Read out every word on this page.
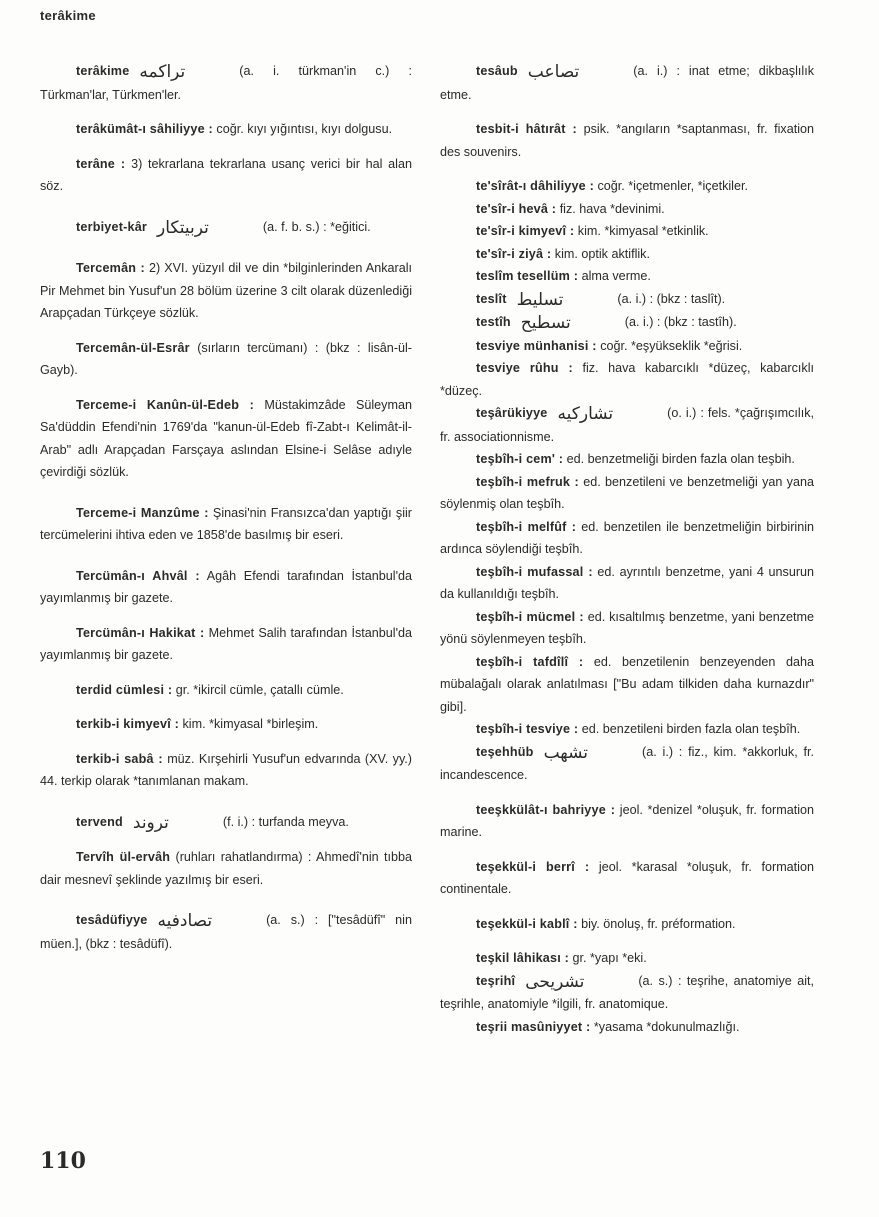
terâkime

terâkime تراكمه	(a. i. türkman'in c.) : Türkman'lar, Türkmen'ler.

terâkümât-ı sâhiliyye : coğr. kıyı yığıntısı, kıyı dolgusu.

terâne : 3) tekrarlana tekrarlana usanç verici bir hal alan söz.

terbiyet-kâr تربیتکار	(a. f. b. s.) : *eğitici.

Tercemân : 2) XVI. yüzyıl dil ve din *bilginlerinden Ankaralı Pir Mehmet bin Yusuf'un 28 bölüm üzerine 3 cilt olarak düzenlediği Arapçadan Türkçeye sözlük.

Tercemân-ül-Esrâr (sırların tercümanı) : (bkz : lisân-ül-Gayb).

Terceme-i Kanûn-ül-Edeb : Müstakimzâde Süleyman Sa'düddin Efendi'nin 1769'da "kanun-ül-Edeb fî-Zabt-ı Kelimât-il-Arab" adlı Arapçadan Farsçaya aslından Elsine-i Selâse adıyle çevirdiği sözlük.

Terceme-i Manzûme : Şinasi'nin Fransızca'dan yaptığı şiir tercümelerini ihtiva eden ve 1858'de basılmış bir eseri.

Tercümân-ı Ahvâl : Agâh Efendi tarafından İstanbul'da yayımlanmış bir gazete.

Tercümân-ı Hakikat : Mehmet Salih tarafından İstanbul'da yayımlanmış bir gazete.

terdid cümlesi : gr. *ikircil cümle, çatallı cümle.

terkib-i kimyevî : kim. *kimyasal *birleşim.

terkib-i sabâ : müz. Kırşehirli Yusuf'un edvarında (XV. yy.) 44. terkip olarak *tanımlanan makam.

tervend تروند	(f. i.) : turfanda meyva.

Tervîh ül-ervâh (ruhları rahatlandırma) : Ahmedî'nin tıbba dair mesnevî şeklinde yazılmış bir eseri.

tesâdüfiyye تصادفیه	(a. s.) : ["tesâdüfî" nin müen.], (bkz : tesâdüfî).

tesâub تصاعب	(a. i.) : inat etme; dikbaşlılık etme.

tesbit-i hâtırât : psik. *angıların *saptanması, fr. fixation des souvenirs.

te'sîrât-ı dâhiliyye : coğr. *içetmenler, *içetkiler.

te'sîr-i hevâ : fiz. hava *devinimi.

te'sîr-i kimyevî : kim. *kimyasal *etkinlik.

te'sîr-i ziyâ : kim. optik aktiflik.

teslîm tesellüm : alma verme.

teslît تسلیط	(a. i.) : (bkz : taslît).

testîh تسطیح	(a. i.) : (bkz : tastîh).

tesviye münhanisi : coğr. *eşyükseklik *eğrisi.

tesviye rûhu : fiz. hava kabarcıklı *düzeç, kabarcıklı *düzeç.

teşârükiyye تشارکیه	(o. i.) : fels. *çağrışımcılık, fr. associationnisme.

teşbîh-i cem' : ed. benzetmeliği birden fazla olan teşbih.

teşbîh-i mefruk : ed. benzetileni ve benzetmeliği yan yana söylenmiş olan teşbîh.

teşbîh-i melfûf : ed. benzetilen ile benzetmeliğin birbirinin ardınca söylendiği teşbîh.

teşbîh-i mufassal : ed. ayrıntılı benzetme, yani 4 unsurun da kullanıldığı teşbîh.

teşbîh-i mücmel : ed. kısaltılmış benzetme, yani benzetme yönü söylenmeyen teşbîh.

teşbîh-i tafdîlî : ed. benzetilenin benzeyenden daha mübalağalı olarak anlatılması ["Bu adam tilkiden daha kurnazdır" gibi].

teşbîh-i tesviye : ed. benzetileni birden fazla olan teşbîh.

teşehhüb تشهب	(a. i.) : fiz., kim. *akkorluk, fr. incandescence.

teeşkkülât-ı bahriyye : jeol. *denizel *oluşuk, fr. formation marine.

teşekkül-i berrî : jeol. *karasal *oluşuk, fr. formation continentale.

teşekkül-i kablî : biy. önoluş, fr. préformation.

teşkil lâhikası : gr. *yapı *eki.

teşrihî تشریحی	(a. s.) : teşrihe, anatomiye ait, teşrihle, anatomiyle *ilgili, fr. anatomique.

teşrii masûniyyet : *yasama *dokunulmazlığı.

110
